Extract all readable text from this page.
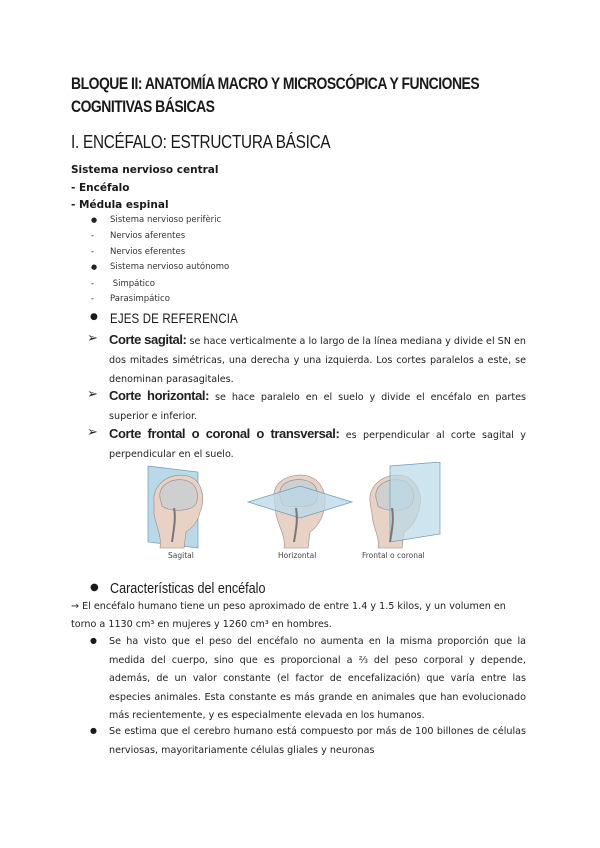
BLOQUE II: ANATOMÍA MACRO Y MICROSCÓPICA Y FUNCIONES COGNITIVAS BÁSICAS
I. ENCÉFALO: ESTRUCTURA BÁSICA
Sistema nervioso central
- Encéfalo
- Médula espinal
● Sistema nervioso perifèric
- Nervios aferentes
- Nervios eferentes
● Sistema nervioso autónomo
- Simpático
- Parasimpático
● EJES DE REFERENCIA
➢ Corte sagital: se hace verticalmente a lo largo de la línea mediana y divide el SN en dos mitades simétricas, una derecha y una izquierda. Los cortes paralelos a este, se denominan parasagitales.
➢ Corte horizontal: se hace paralelo en el suelo y divide el encéfalo en partes superior e inferior.
➢ Corte frontal o coronal o transversal: es perpendicular al corte sagital y perpendicular en el suelo.
Sagital	Horizontal	Frontal o coronal
● Características del encéfalo
→ El encéfalo humano tiene un peso aproximado de entre 1.4 y 1.5 kilos, y un volumen en torno a 1130 cm³ en mujeres y 1260 cm³ en hombres.
● Se ha visto que el peso del encéfalo no aumenta en la misma proporción que la medida del cuerpo, sino que es proporcional a ⅔ del peso corporal y depende, además, de un valor constante (el factor de encefalización) que varía entre las especies animales. Esta constante es más grande en animales que han evolucionado más recientemente, y es especialmente elevada en los humanos.
● Se estima que el cerebro humano está compuesto por más de 100 billones de células nerviosas, mayoritariamente células gliales y neuronas
